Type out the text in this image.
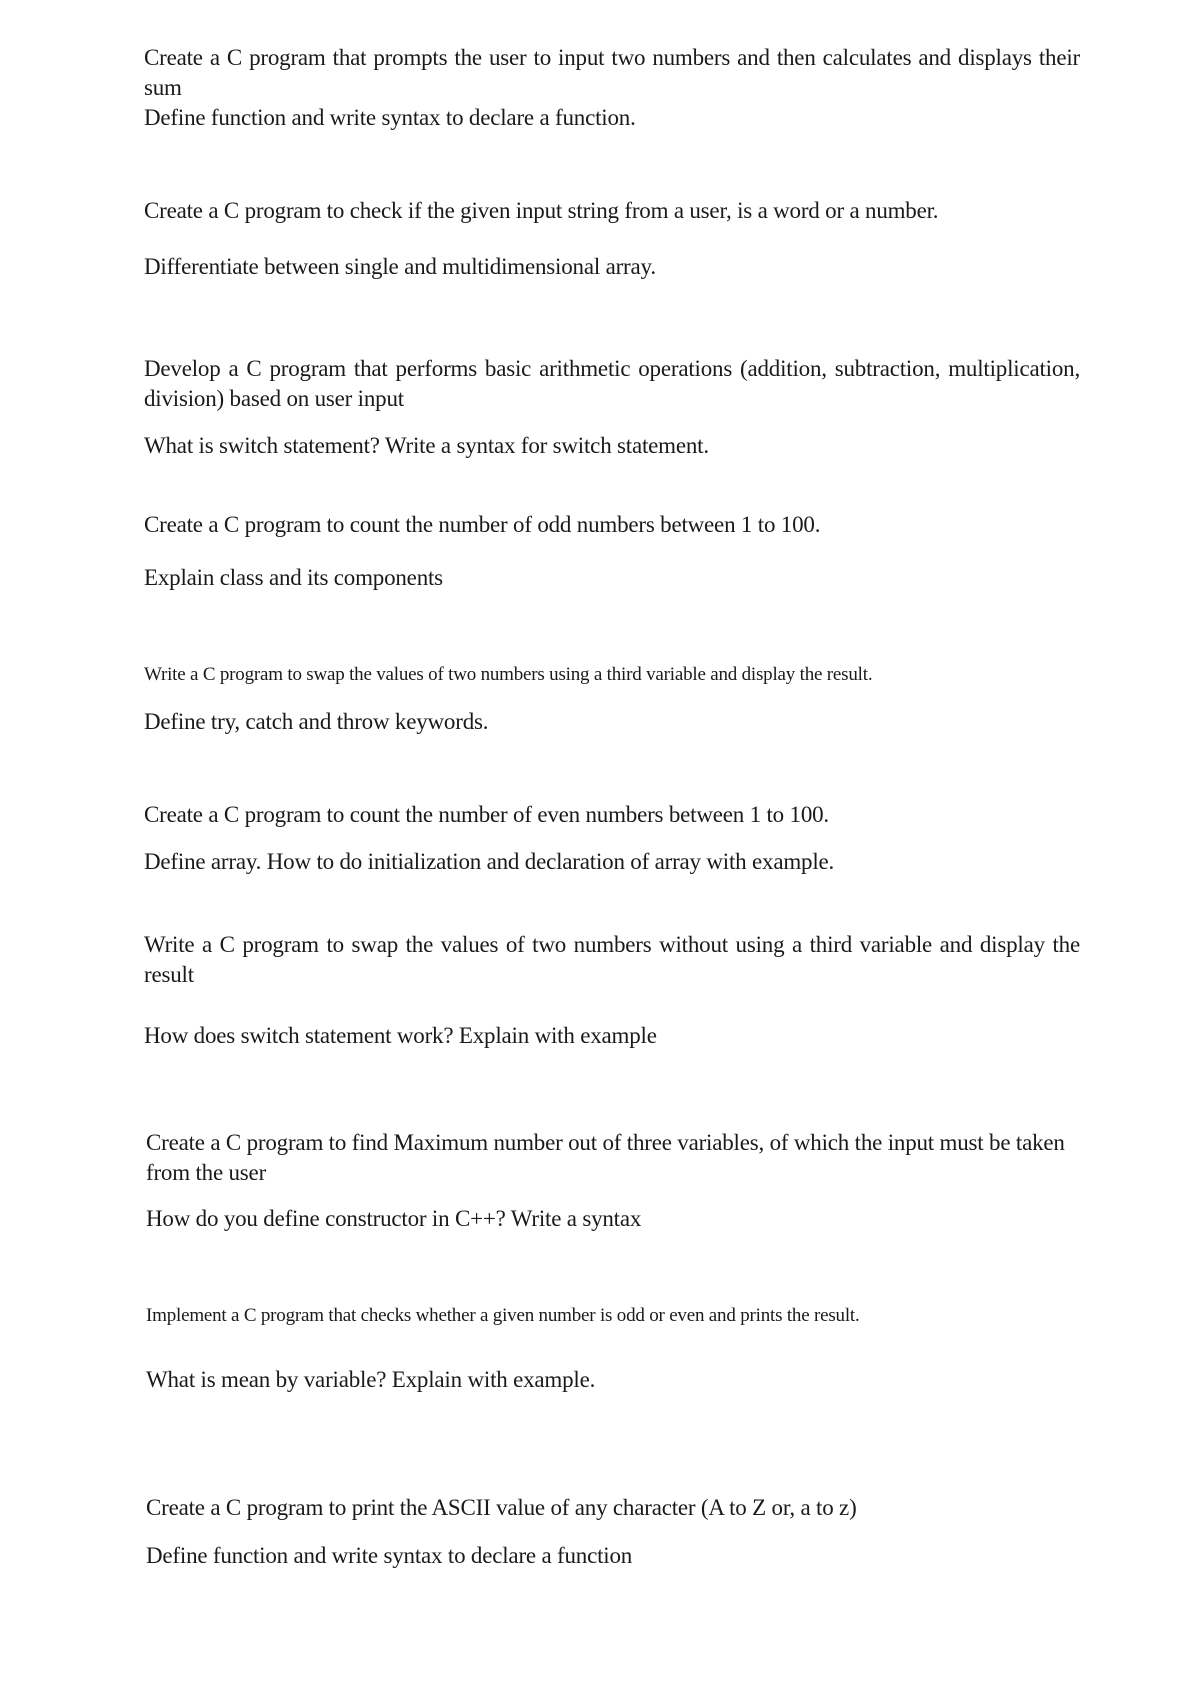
Create a C program that prompts the user to input two numbers and then calculates and displays their sum

Define function and write syntax to declare a function.

Create a C program to check if the given input string from a user, is a word or a number.

Differentiate between single and multidimensional array.

Develop a C program that performs basic arithmetic operations (addition, subtraction, multiplication, division) based on user input

What is switch statement? Write a syntax for switch statement.

Create a C program to count the number of odd numbers between 1 to 100.

Explain class and its components

Write a C program to swap the values of two numbers using a third variable and display the result.

Define try, catch and throw keywords.

Create a C program to count the number of even numbers between 1 to 100.

Define array. How to do initialization and declaration of array with example.

Write a C program to swap the values of two numbers without using a third variable and display the result

How does switch statement work? Explain with example

Create a C program to find Maximum number out of three variables, of which the input must be taken from the user

How do you define constructor in C++? Write a syntax

Implement a C program that checks whether a given number is odd or even and prints the result.

What is mean by variable? Explain with example.

Create a C program to print the ASCII value of any character (A to Z or, a to z)

Define function and write syntax to declare a function
